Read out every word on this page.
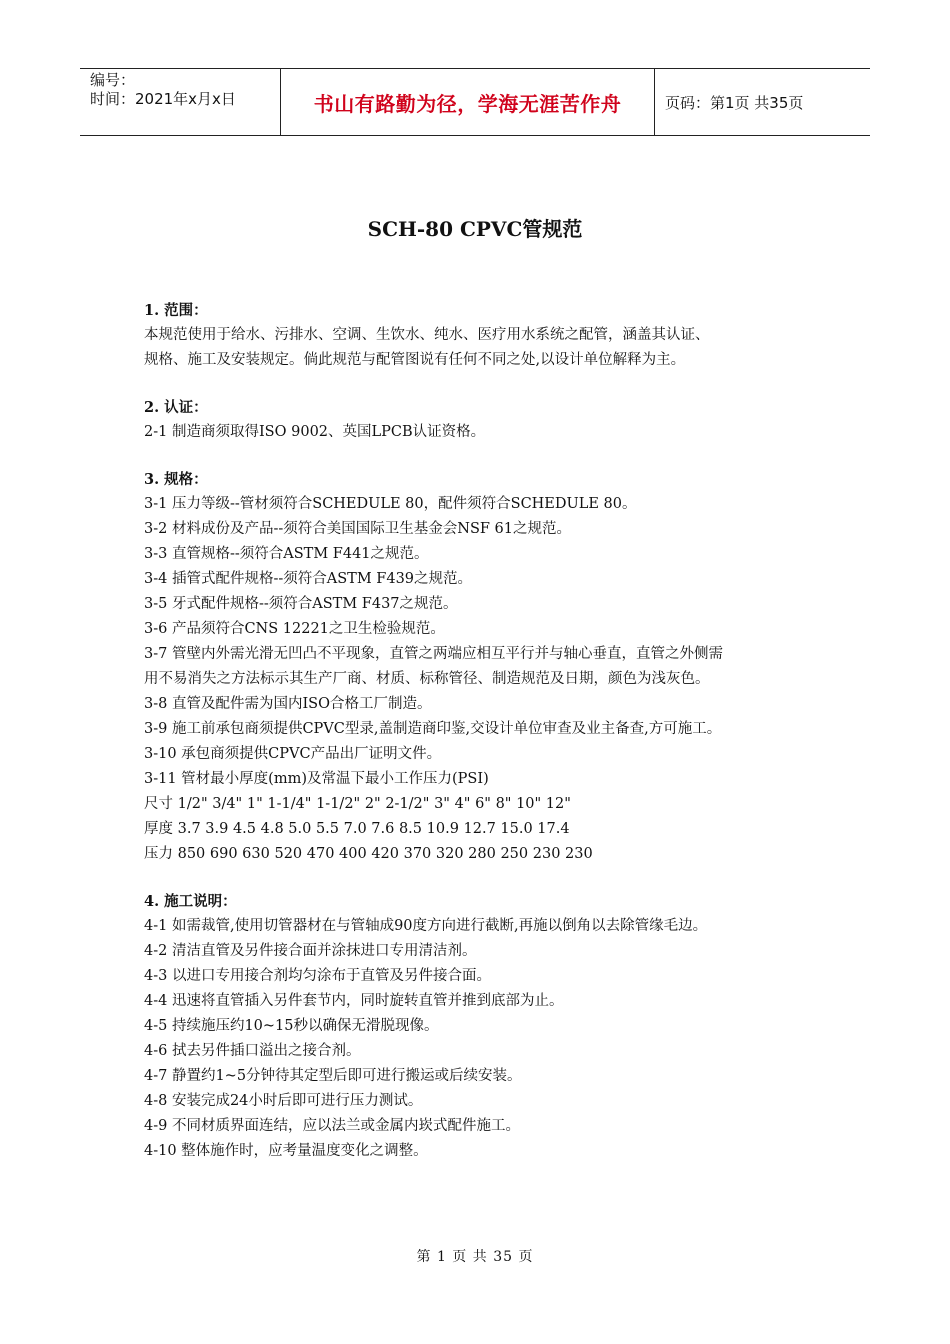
编号：
时间：2021年x月x日	书山有路勤为径，学海无涯苦作舟	页码：第1页 共35页
SCH-80 CPVC管规范
1. 范围：
本规范使用于给水、污排水、空调、生饮水、纯水、医疗用水系统之配管，涵盖其认证、
规格、施工及安装规定。倘此规范与配管图说有任何不同之处,以设计单位解释为主。
2. 认证：
2-1 制造商须取得ISO 9002、英国LPCB认证资格。
3. 规格：
3-1 压力等级--管材须符合SCHEDULE 80，配件须符合SCHEDULE 80。
3-2 材料成份及产品--须符合美国国际卫生基金会NSF 61之规范。
3-3 直管规格--须符合ASTM F441之规范。
3-4 插管式配件规格--须符合ASTM F439之规范。
3-5 牙式配件规格--须符合ASTM F437之规范。
3-6 产品须符合CNS 12221之卫生检验规范。
3-7 管壁内外需光滑无凹凸不平现象，直管之两端应相互平行并与轴心垂直，直管之外侧需
用不易消失之方法标示其生产厂商、材质、标称管径、制造规范及日期，颜色为浅灰色。
3-8 直管及配件需为国内ISO合格工厂制造。
3-9 施工前承包商须提供CPVC型录,盖制造商印鉴,交设计单位审查及业主备查,方可施工。
3-10 承包商须提供CPVC产品出厂证明文件。
3-11 管材最小厚度(mm)及常温下最小工作压力(PSI)
尺寸 1/2" 3/4" 1" 1-1/4" 1-1/2" 2" 2-1/2" 3" 4" 6" 8" 10" 12"
厚度 3.7 3.9 4.5 4.8 5.0 5.5 7.0 7.6 8.5 10.9 12.7 15.0 17.4
压力 850 690 630 520 470 400 420 370 320 280 250 230 230
4. 施工说明：
4-1 如需裁管,使用切管器材在与管轴成90度方向进行截断,再施以倒角以去除管缘毛边。
4-2 清洁直管及另件接合面并涂抹进口专用清洁剂。
4-3 以进口专用接合剂均匀涂布于直管及另件接合面。
4-4 迅速将直管插入另件套节内，同时旋转直管并推到底部为止。
4-5 持续施压约10~15秒以确保无滑脱现像。
4-6 拭去另件插口溢出之接合剂。
4-7 静置约1~5分钟待其定型后即可进行搬运或后续安装。
4-8 安装完成24小时后即可进行压力测试。
4-9 不同材质界面连结，应以法兰或金属内崁式配件施工。
4-10 整体施作时，应考量温度变化之调整。
第 1 页 共 35 页
